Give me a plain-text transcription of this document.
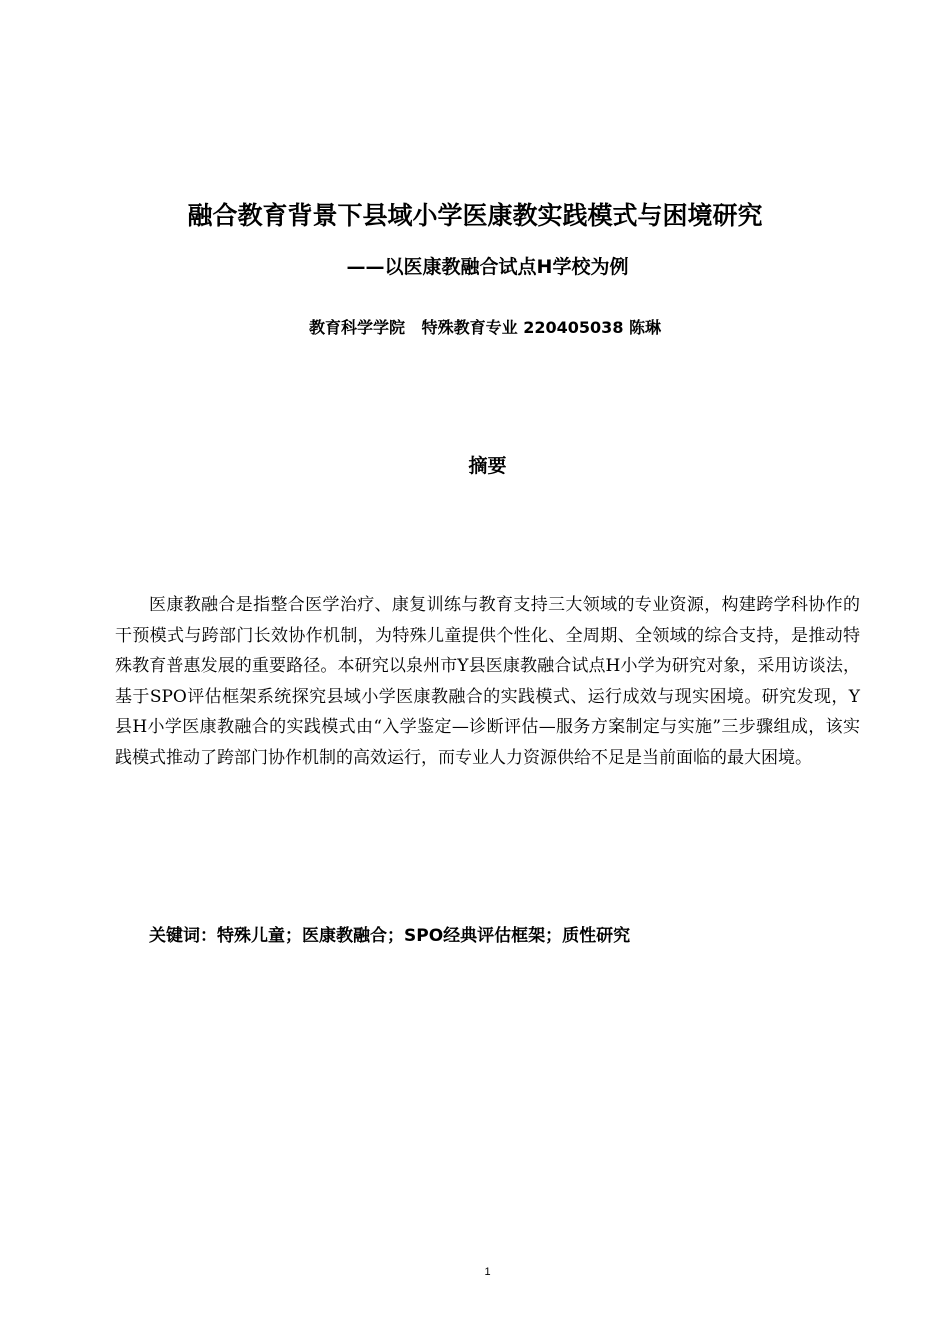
融合教育背景下县域小学医康教实践模式与困境研究
——以医康教融合试点H学校为例
教育科学学院   特殊教育专业 220405038 陈琳
摘要

医康教融合是指整合医学治疗、康复训练与教育支持三大领域的专业资源，构建跨学科协作的干预模式与跨部门长效协作机制，为特殊儿童提供个性化、全周期、全领域的综合支持，是推动特殊教育普惠发展的重要路径。本研究以泉州市Y县医康教融合试点H小学为研究对象，采用访谈法，基于SPO评估框架系统探究县域小学医康教融合的实践模式、运行成效与现实困境。研究发现，Y县H小学医康教融合的实践模式由“入学鉴定—诊断评估—服务方案制定与实施”三步骤组成，该实践模式推动了跨部门协作机制的高效运行，而专业人力资源供给不足是当前面临的最大困境。

关键词：特殊儿童；医康教融合；SPO经典评估框架；质性研究
1
